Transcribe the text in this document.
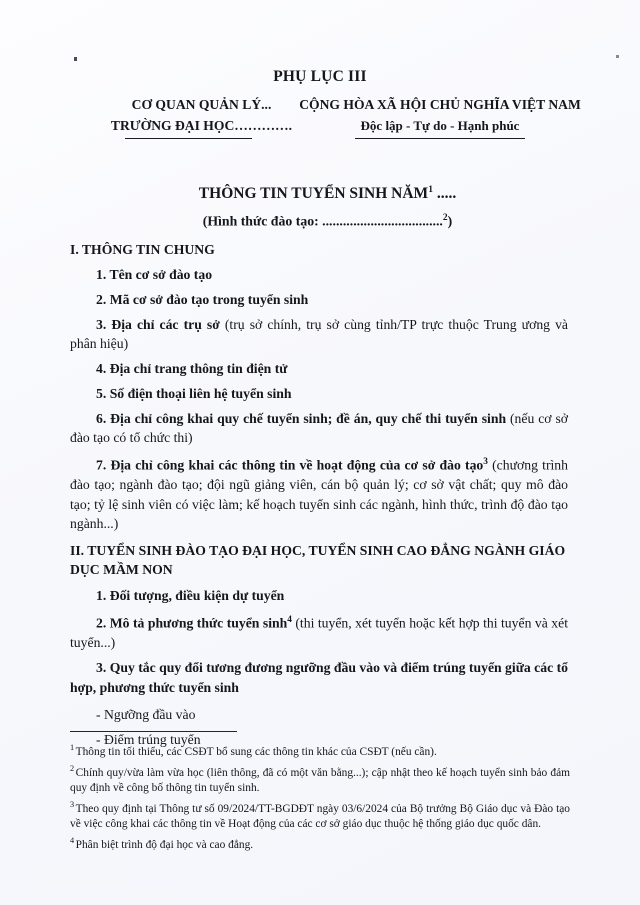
PHỤ LỤC III
CƠ QUAN QUẢN LÝ...
TRƯỜNG ĐẠI HỌC………….
CỘNG HÒA XÃ HỘI CHỦ NGHĨA VIỆT NAM
Độc lập - Tự do - Hạnh phúc
THÔNG TIN TUYỂN SINH NĂM$^1$ .....
(Hình thức đào tạo: ...................................$^2$)

I. THÔNG TIN CHUNG

1. Tên cơ sở đào tạo

2. Mã cơ sở đào tạo trong tuyển sinh

3. Địa chỉ các trụ sở (trụ sở chính, trụ sở cùng tỉnh/TP trực thuộc Trung ương và phân hiệu)

4. Địa chỉ trang thông tin điện tử

5. Số điện thoại liên hệ tuyển sinh

6. Địa chỉ công khai quy chế tuyển sinh; đề án, quy chế thi tuyển sinh (nếu cơ sở đào tạo có tổ chức thi)

7. Địa chỉ công khai các thông tin về hoạt động của cơ sở đào tạo$^3$ (chương trình đào tạo; ngành đào tạo; đội ngũ giảng viên, cán bộ quản lý; cơ sở vật chất; quy mô đào tạo; tỷ lệ sinh viên có việc làm; kế hoạch tuyển sinh các ngành, hình thức, trình độ đào tạo ngành...)

II. TUYỂN SINH ĐÀO TẠO ĐẠI HỌC, TUYỂN SINH CAO ĐẲNG NGÀNH GIÁO DỤC MẦM NON

1. Đối tượng, điều kiện dự tuyển

2. Mô tả phương thức tuyển $\sinh^4 (thi$ tuyển, xét tuyển hoặc kết hợp thi tuyển và xét tuyển...)

3. Quy tắc quy đổi tương đương ngưỡng đầu vào và điểm trúng tuyển giữa các tổ hợp, phương thức tuyển sinh

- Ngưỡng đầu vào

- Điểm trúng tuyển

$^1$ Thông tin tối thiểu, các CSĐT bổ sung các thông tin khác của CSĐT (nếu cần).

$^2$ Chính quy/vừa làm vừa học (liên thông, đã có một văn bằng...); cập nhật theo kế hoạch tuyển sinh bảo đảm quy định về công bố thông tin tuyển sinh.

$^3$ Theo quy định tại Thông tư số 09/2024/TT-BGDĐT ngày 03/6/2024 của Bộ trưởng Bộ Giáo dục và Đào tạo về việc công khai các thông tin về Hoạt động của các cơ sở giáo dục thuộc hệ thống giáo dục quốc dân.

$^4$ Phân biệt trình độ đại học và cao đẳng.
